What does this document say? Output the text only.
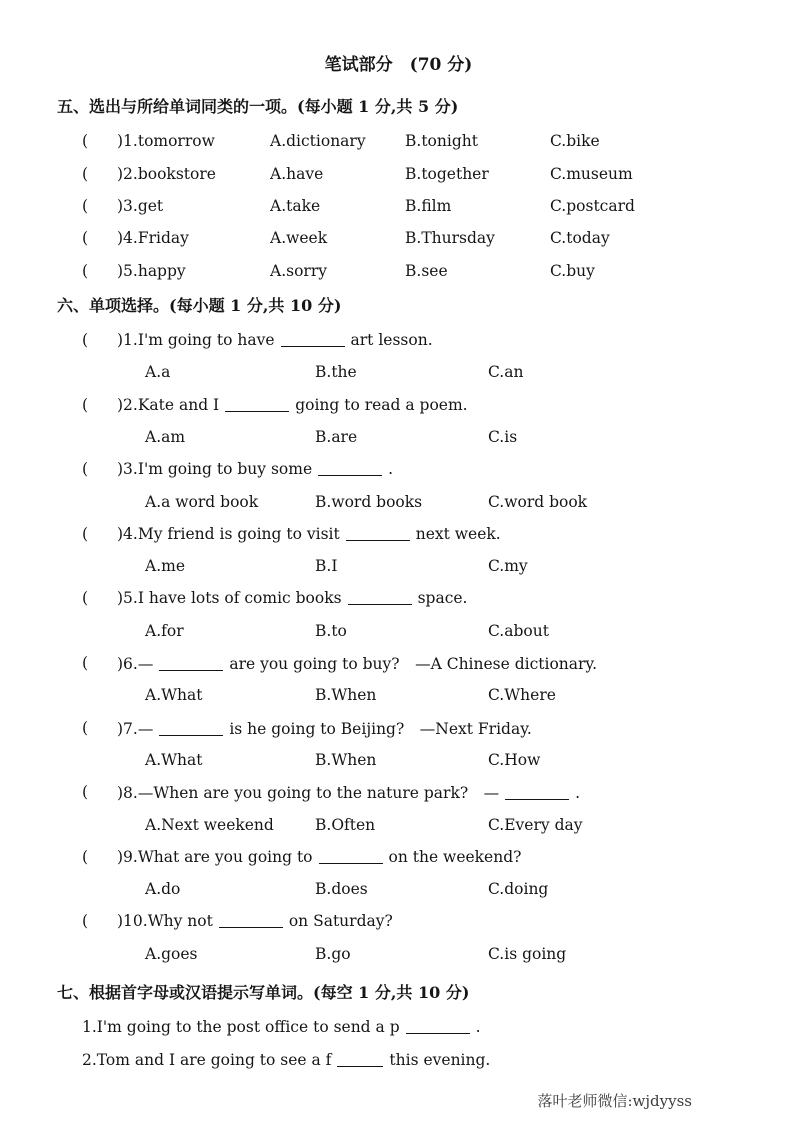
笔试部分　(70 分)
五、选出与所给单词同类的一项。(每小题 1 分,共 5 分)
(	)1.tomorrow	A.dictionary	B.tonight	C.bike
(	)2.bookstore	A.have	B.together	C.museum
(	)3.get	A.take	B.film	C.postcard
(	)4.Friday	A.week	B.Thursday	C.today
(	)5.happy	A.sorry	B.see	C.buy
六、单项选择。(每小题 1 分,共 10 分)
(	)1.I'm going to have	art lesson.
A.a	B.the	C.an
(	)2.Kate and I	going to read a poem.
A.am	B.are	C.is
(	)3.I'm going to buy some	.
A.a word book	B.word books	C.word book
(	)4.My friend is going to visit	next week.
A.me	B.I	C.my
(	)5.I have lots of comic books	space.
A.for	B.to	C.about
(	)6.—	are you going to buy?　—A Chinese dictionary.
A.What	B.When	C.Where
(	)7.—	is he going to Beijing?　—Next Friday.
A.What	B.When	C.How
(	)8.—When are you going to the nature park?　—	.
A.Next weekend	B.Often	C.Every day
(	)9.What are you going to	on the weekend?
A.do	B.does	C.doing
(	)10.Why not	on Saturday?
A.goes	B.go	C.is going
七、根据首字母或汉语提示写单词。(每空 1 分,共 10 分)
1.I'm going to the post office to send a p	.
2.Tom and I are going to see a f	this evening.
落叶老师微信:wjdyyss
